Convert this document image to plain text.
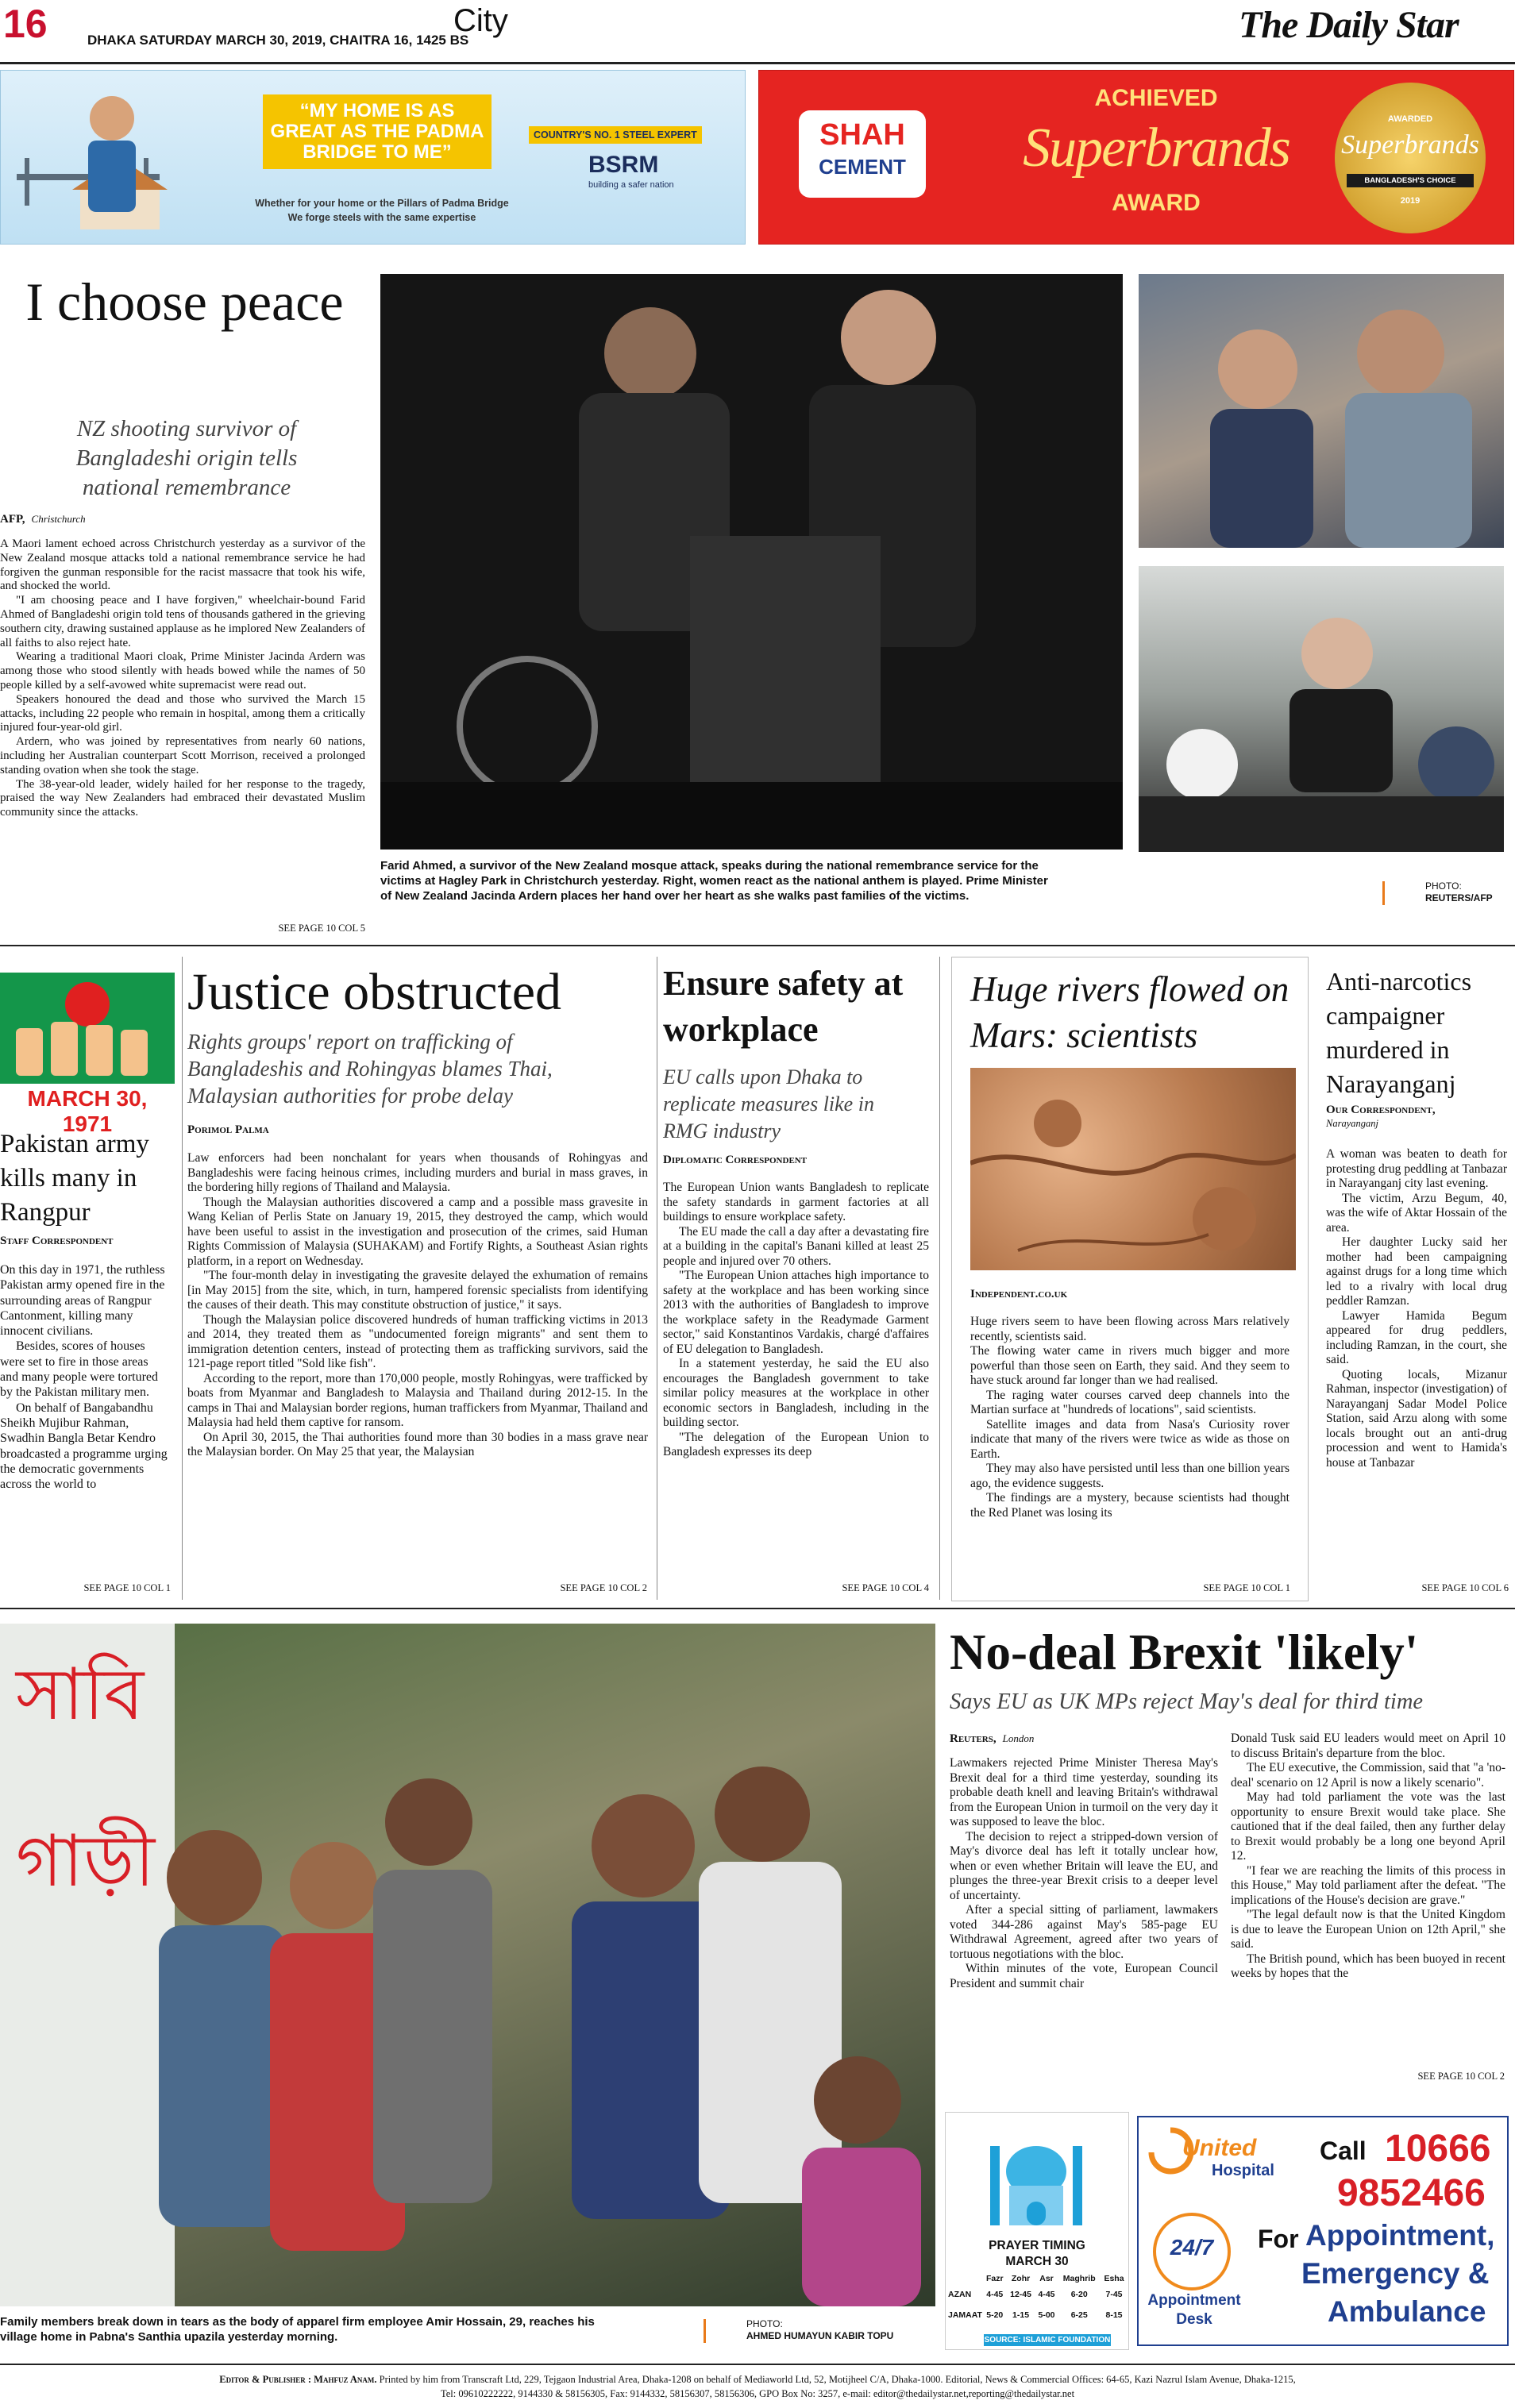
16	DHAKA SATURDAY MARCH 30, 2019, CHAITRA 16, 1425 BS
City	The Daily Star
“MY HOME IS AS GREAT AS THE PADMA BRIDGE TO ME”
COUNTRY'S NO. 1 STEEL EXPERT
BSRM
building a safer nation
Whether for your home or the Pillars of Padma Bridge
We forge steels with the same expertise
SHAH
CEMENT
ACHIEVED
Superbrands
AWARD
AWARDED
Superbrands
BANGLADESH'S CHOICE
2019
I choose peace
NZ shooting survivor of Bangladeshi origin tells national remembrance
AFP, Christchurch

A Maori lament echoed across Christchurch yesterday as a survivor of the New Zealand mosque attacks told a national remembrance service he had forgiven the gunman responsible for the racist massacre that took his wife, and shocked the world.

"I am choosing peace and I have forgiven," wheelchair-bound Farid Ahmed of Bangladeshi origin told tens of thousands gathered in the grieving southern city, drawing sustained applause as he implored New Zealanders of all faiths to also reject hate.

Wearing a traditional Maori cloak, Prime Minister Jacinda Ardern was among those who stood silently with heads bowed while the names of 50 people killed by a self-avowed white supremacist were read out.

Speakers honoured the dead and those who survived the March 15 attacks, including 22 people who remain in hospital, among them a critically injured four-year-old girl.

Ardern, who was joined by representatives from nearly 60 nations, including her Australian counterpart Scott Morrison, received a prolonged standing ovation when she took the stage.

The 38-year-old leader, widely hailed for her response to the tragedy, praised the way New Zealanders had embraced their devastated Muslim community since the attacks.

SEE PAGE 10 COL 5
Farid Ahmed, a survivor of the New Zealand mosque attack, speaks during the national remembrance service for the victims at Hagley Park in Christchurch yesterday. Right, women react as the national anthem is played. Prime Minister of New Zealand Jacinda Ardern places her hand over her heart as she walks past families of the victims.
PHOTO:
REUTERS/AFP
MARCH 30, 1971
Pakistan army kills many in Rangpur
Staff Correspondent

On this day in 1971, the ruthless Pakistan army opened fire in the surrounding areas of Rangpur Cantonment, killing many innocent civilians.

Besides, scores of houses were set to fire in those areas and many people were tortured by the Pakistan military men.

On behalf of Bangabandhu Sheikh Mujibur Rahman, Swadhin Bangla Betar Kendro broadcasted a programme urging the democratic governments across the world to

SEE PAGE 10 COL 1
Justice obstructed
Rights groups' report on trafficking of Bangladeshis and Rohingyas blames Thai, Malaysian authorities for probe delay
Porimol Palma

Law enforcers had been nonchalant for years when thousands of Rohingyas and Bangladeshis were facing heinous crimes, including murders and burial in mass graves, in the bordering hilly regions of Thailand and Malaysia.

Though the Malaysian authorities discovered a camp and a possible mass gravesite in Wang Kelian of Perlis State on January 19, 2015, they destroyed the camp, which would have been useful to assist in the investigation and prosecution of the crimes, said Human Rights Commission of Malaysia (SUHAKAM) and Fortify Rights, a Southeast Asian rights platform, in a report on Wednesday.

"The four-month delay in investigating the gravesite delayed the exhumation of remains [in May 2015] from the site, which, in turn, hampered forensic specialists from identifying the causes of their death. This may constitute obstruction of justice," it says.

Though the Malaysian police discovered hundreds of human trafficking victims in 2013 and 2014, they treated them as "undocumented foreign migrants" and sent them to immigration detention centers, instead of protecting them as trafficking survivors, said the 121-page report titled "Sold like fish".

According to the report, more than 170,000 people, mostly Rohingyas, were trafficked by boats from Myanmar and Bangladesh to Malaysia and Thailand during 2012-15. In the camps in Thai and Malaysian border regions, human traffickers from Myanmar, Thailand and Malaysia had held them captive for ransom.

On April 30, 2015, the Thai authorities found more than 30 bodies in a mass grave near the Malaysian border. On May 25 that year, the Malaysian

SEE PAGE 10 COL 2
Ensure safety at workplace
EU calls upon Dhaka to replicate measures like in RMG industry
Diplomatic Correspondent

The European Union wants Bangladesh to replicate the safety standards in garment factories at all buildings to ensure workplace safety.

The EU made the call a day after a devastating fire at a building in the capital's Banani killed at least 25 people and injured over 70 others.

"The European Union attaches high importance to safety at the workplace and has been working since 2013 with the authorities of Bangladesh to improve the workplace safety in the Readymade Garment sector," said Konstantinos Vardakis, chargé d'affaires of EU delegation to Bangladesh.

In a statement yesterday, he said the EU also encourages the Bangladesh government to take similar policy measures at the workplace in other economic sectors in Bangladesh, including in the building sector.

"The delegation of the European Union to Bangladesh expresses its deep

SEE PAGE 10 COL 4
Huge rivers flowed on Mars: scientists
Independent.co.uk

Huge rivers seem to have been flowing across Mars relatively recently, scientists said.

The flowing water came in rivers much bigger and more powerful than those seen on Earth, they said. And they seem to have stuck around far longer than we had realised.

The raging water courses carved deep channels into the Martian surface at "hundreds of locations", said scientists.

Satellite images and data from Nasa's Curiosity rover indicate that many of the rivers were twice as wide as those on Earth.

They may also have persisted until less than one billion years ago, the evidence suggests.

The findings are a mystery, because scientists had thought the Red Planet was losing its

SEE PAGE 10 COL 1
Anti-narcotics campaigner murdered in Narayanganj
Our Correspondent,
Narayanganj

A woman was beaten to death for protesting drug peddling at Tanbazar in Narayanganj city last evening.

The victim, Arzu Begum, 40, was the wife of Aktar Hossain of the area.

Her daughter Lucky said her mother had been campaigning against drugs for a long time which led to a rivalry with local drug peddler Ramzan.

Lawyer Hamida Begum appeared for drug peddlers, including Ramzan, in the court, she said.

Quoting locals, Mizanur Rahman, inspector (investigation) of Narayanganj Sadar Model Police Station, said Arzu along with some locals brought out an anti-drug procession and went to Hamida's house at Tanbazar

SEE PAGE 10 COL 6
সাবি
গাড়ী
Family members break down in tears as the body of apparel firm employee Amir Hossain, 29, reaches his village home in Pabna's Santhia upazila yesterday morning.
PHOTO:
AHMED HUMAYUN KABIR TOPU
No-deal Brexit 'likely'
Says EU as UK MPs reject May's deal for third time
Reuters, London

Lawmakers rejected Prime Minister Theresa May's Brexit deal for a third time yesterday, sounding its probable death knell and leaving Britain's withdrawal from the European Union in turmoil on the very day it was supposed to leave the bloc.

The decision to reject a stripped-down version of May's divorce deal has left it totally unclear how, when or even whether Britain will leave the EU, and plunges the three-year Brexit crisis to a deeper level of uncertainty.

After a special sitting of parliament, lawmakers voted 344-286 against May's 585-page EU Withdrawal Agreement, agreed after two years of tortuous negotiations with the bloc.

Within minutes of the vote, European Council President and summit chair

Donald Tusk said EU leaders would meet on April 10 to discuss Britain's departure from the bloc.

The EU executive, the Commission, said that "a 'no-deal' scenario on 12 April is now a likely scenario".

May had told parliament the vote was the last opportunity to ensure Brexit would take place. She cautioned that if the deal failed, then any further delay to Brexit would probably be a long one beyond April 12.

"I fear we are reaching the limits of this process in this House," May told parliament after the defeat. "The implications of the House's decision are grave."

"The legal default now is that the United Kingdom is due to leave the European Union on 12th April," she said.

The British pound, which has been buoyed in recent weeks by hopes that the

SEE PAGE 10 COL 2
PRAYER TIMING
MARCH 30
	Fazr	Zohr	Asr	Maghrib	Esha
AZAN	4-45	12-45	4-45	6-20	7-45
JAMAAT	5-20	1-15	5-00	6-25	8-15
SOURCE: ISLAMIC FOUNDATION
United
Hospital
24/7
Appointment
Desk
Call 10666
9852466
For Appointment,
Emergency &
Ambulance
Editor & Publisher : Mahfuz Anam. Printed by him from Transcraft Ltd, 229, Tejgaon Industrial Area, Dhaka-1208 on behalf of Mediaworld Ltd, 52, Motijheel C/A, Dhaka-1000. Editorial, News & Commercial Offices: 64-65, Kazi Nazrul Islam Avenue, Dhaka-1215,
Tel: 09610222222, 9144330 & 58156305, Fax: 9144332, 58156307, 58156306, GPO Box No: 3257, e-mail: editor@thedailystar.net,reporting@thedailystar.net
